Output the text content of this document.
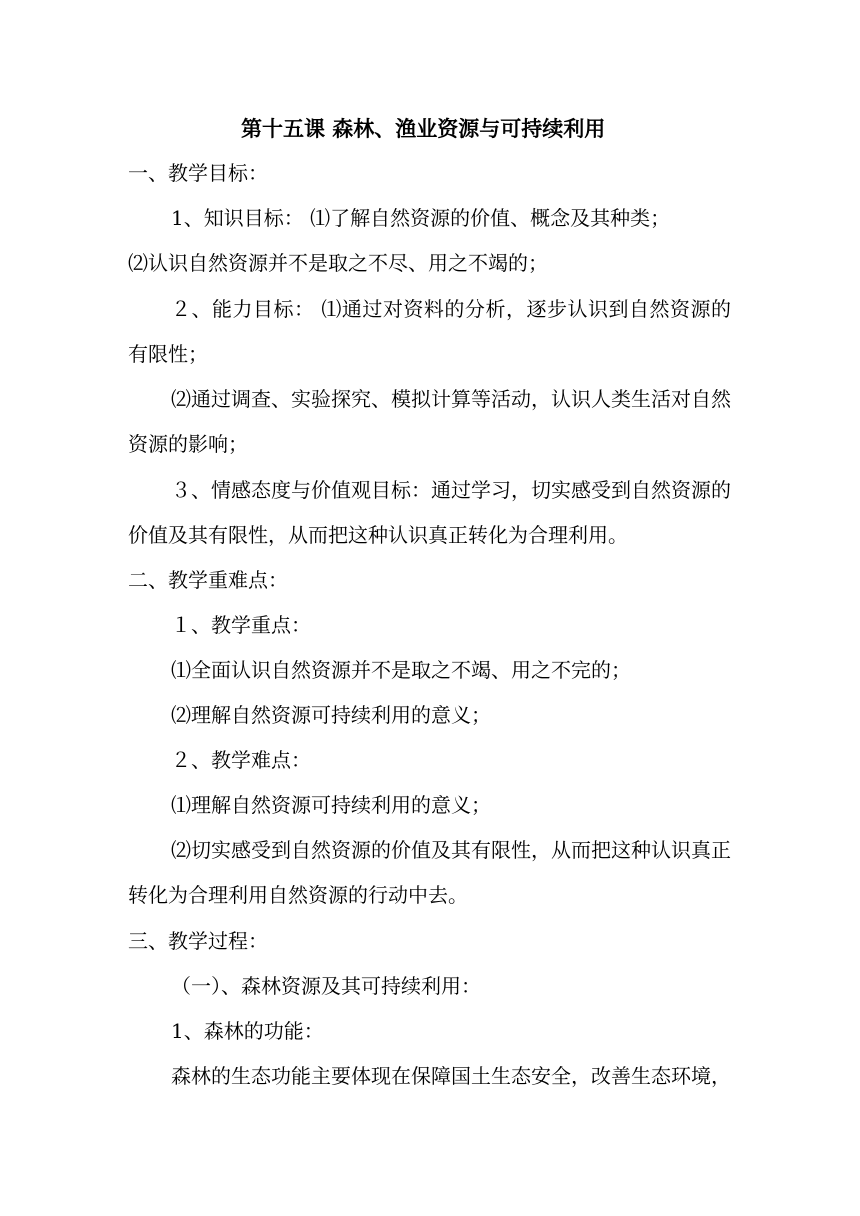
第十五课 森林、渔业资源与可持续利用
一、教学目标：
1、知识目标： ⑴了解自然资源的价值、概念及其种类；
⑵认识自然资源并不是取之不尽、用之不竭的；
２、能力目标： ⑴通过对资料的分析，逐步认识到自然资源的
有限性；
⑵通过调查、实验探究、模拟计算等活动，认识人类生活对自然
资源的影响；
３、情感态度与价值观目标：通过学习，切实感受到自然资源的
价值及其有限性，从而把这种认识真正转化为合理利用。
二、教学重难点：
１、教学重点：
⑴全面认识自然资源并不是取之不竭、用之不完的；
⑵理解自然资源可持续利用的意义；
２、教学难点：
⑴理解自然资源可持续利用的意义；
⑵切实感受到自然资源的价值及其有限性，从而把这种认识真正
转化为合理利用自然资源的行动中去。
三、教学过程：
（一）、森林资源及其可持续利用：
1、森林的功能：
森林的生态功能主要体现在保障国土生态安全，改善生态环境，
